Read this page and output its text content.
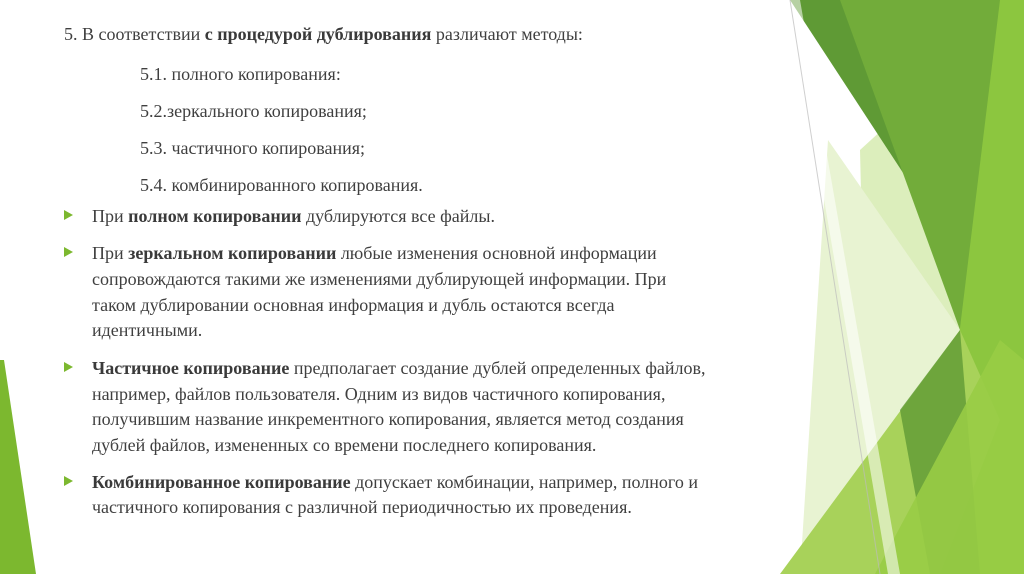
5. В соответствии с процедурой дублирования различают методы:
5.1. полного копирования:
5.2.зеркального копирования;
5.3. частичного копирования;
5.4. комбинированного копирования.
При полном копировании дублируются все файлы.
При зеркальном копировании любые изменения основной информации
сопровождаются такими же изменениями дублирующей информации. При
таком дублировании основная информация и дубль остаются всегда
идентичными.
Частичное копирование предполагает создание дублей определенных файлов,
например, файлов пользователя. Одним из видов частичного копирования,
получившим название инкрементного копирования, является метод создания
дублей файлов, измененных со времени последнего копирования.
Комбинированное копирование допускает комбинации, например, полного и
частичного копирования с различной периодичностью их проведения.
